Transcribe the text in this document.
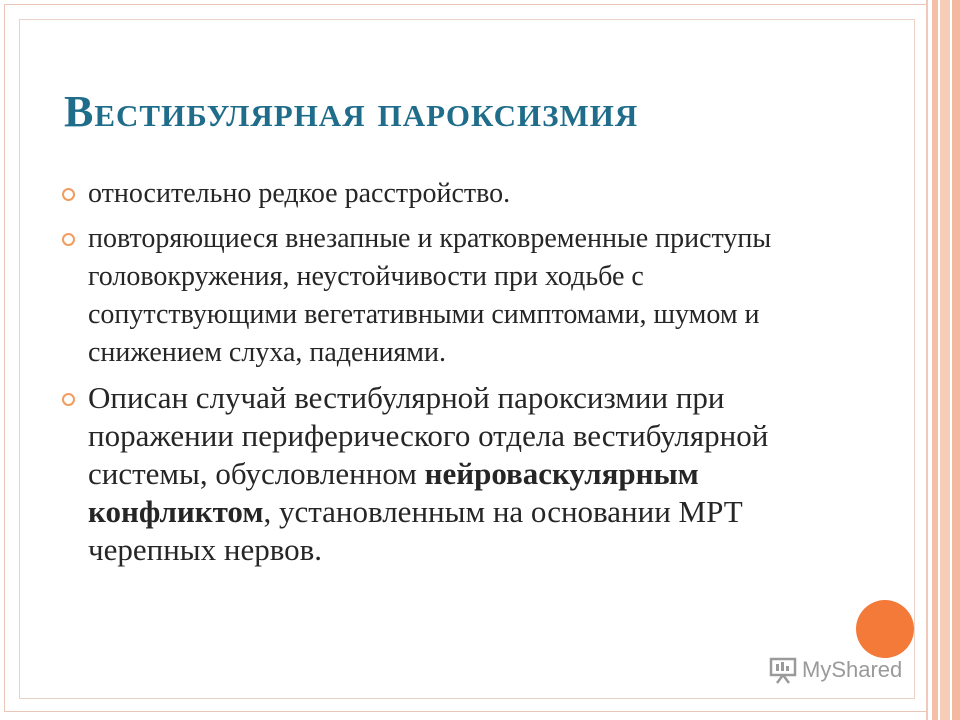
Вестибулярная пароксизмия
относительно редкое расстройство.
повторяющиеся внезапные и кратковременные приступы головокружения, неустойчивости при ходьбе с сопутствующими вегетативными симптомами, шумом и снижением слуха, падениями.
Описан случай вестибулярной пароксизмии при поражении периферического отдела вестибулярной системы, обусловленном нейроваскулярным конфликтом, установленным на основании МРТ черепных нервов.
MyShared
